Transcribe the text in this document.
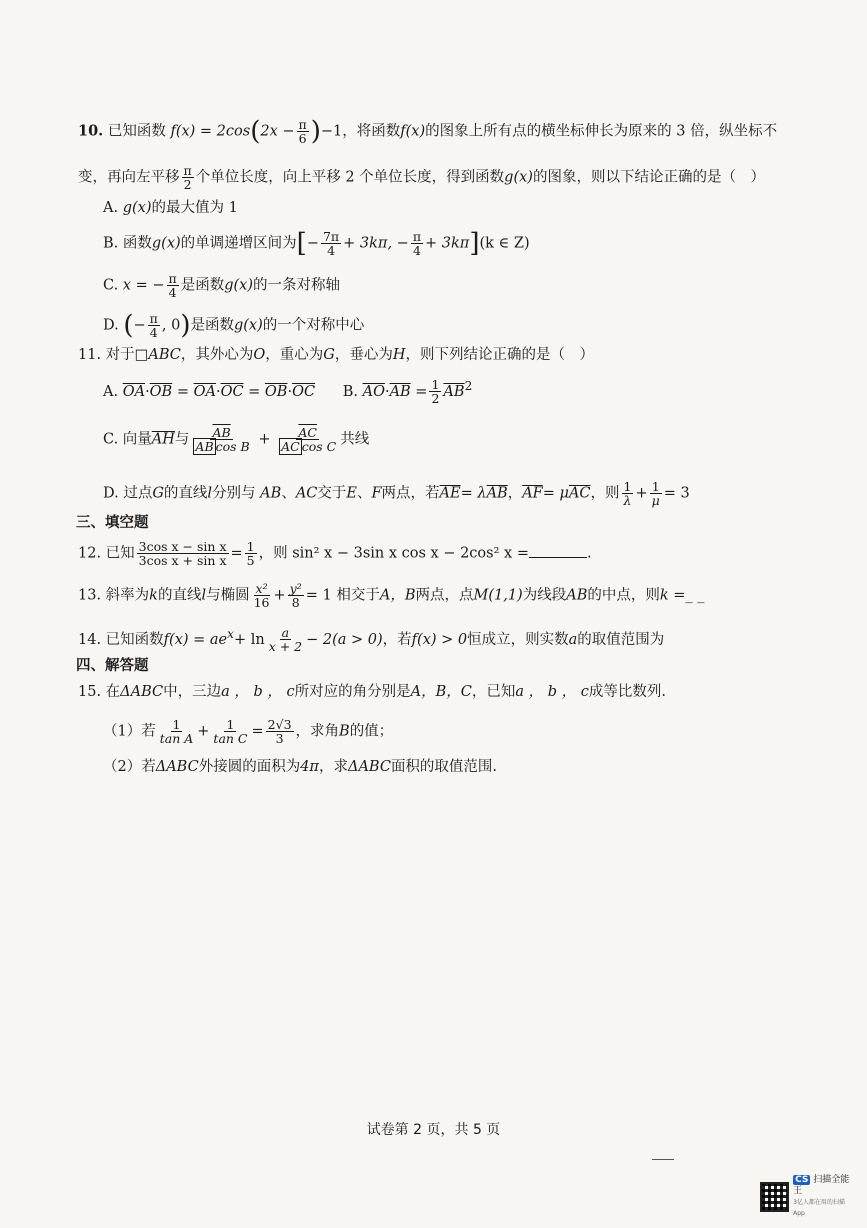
10. 已知函数 $f(x) = 2\cos(2x - \frac{\pi}{6} )-1$，将函数f(x)的图象上所有点的横坐标伸长为原来的 3 倍，纵坐标不
变，再向左平移 $\frac{\pi}{2}$ 个单位长度，向上平移 2 个单位长度，得到函数g(x)的图象，则以下结论正确的是（　）
A. g(x)的最大值为 1
B. 函数g(x)的单调递增区间为[− $\frac{7\pi}{4} + 3k\pi$, − $\frac{\pi}{4} + 3k\pi](k$ ∈ Z)
C. x = − $\frac{\pi}{4}$ 是函数g(x)的一条对称轴
D. (− $\frac{\pi}{4}$ , 0)是函数g(x)的一个对称中心
11. 对于□ABC，其外心为O，重心为G，垂心为H，则下列结论正确的是（　）
A. $\overline{OA}\cdot\overline{OB} = \overline{OA}\cdot\overline{OC} = \overline{OB}\cdot\overline{OC}$ B. $\overline{AO}\cdot\overline{AB} = \frac{1}{2} \overline{AB}^2$
C. 向量$\overline{AH}$与 $\frac{\overline{AB}}{\text{AB cos B}} + \frac{\overline{AC}}{\text{AC cos C}}$ 共线
D. 过点G的直线l分别与 AB、AC交于E、F两点，若$\overline{AE}= \lambda\overline{AB}$，$\overline{AF}= \mu\overline{AC}$，则 $\frac{1}{\lambda} + \frac{1}{\mu} = 3$
三、填空题
12. 已知 $\frac{\text{3cos x − sin x}}{\text{3cos x + sin x}} = \frac{1}{5}$ ，则 sin² x − 3sin x cos x − 2cos² x =	.
13. 斜率为k的直线l与椭圆 $\frac{\text{x²}}{16} + \frac{\text{y²}}{8} = 1$ 相交于A，B两点，点M(1,1)为线段AB的中点，则k =_ _
14. 已知函数$f(x) = ae^x+ \ln \frac{a}{x + 2} - 2(a > 0)$，若f(x) > 0恒成立，则实数a的取值范围为
四、解答题
15. 在ΔABC中，三边a ， b ， c所对应的角分别是A，B，C，已知a ， b ， c成等比数列.
（1）若 $\frac{1}{\text{tan A}} + \frac{1}{\text{tan C}} = \frac{2√3}{3}$ ，求角B的值；
（2）若ΔABC外接圆的面积为4π，求ΔABC面积的取值范围.
试卷第 2 页，共 5 页
CS 扫描全能王
3亿人都在用的扫描App
